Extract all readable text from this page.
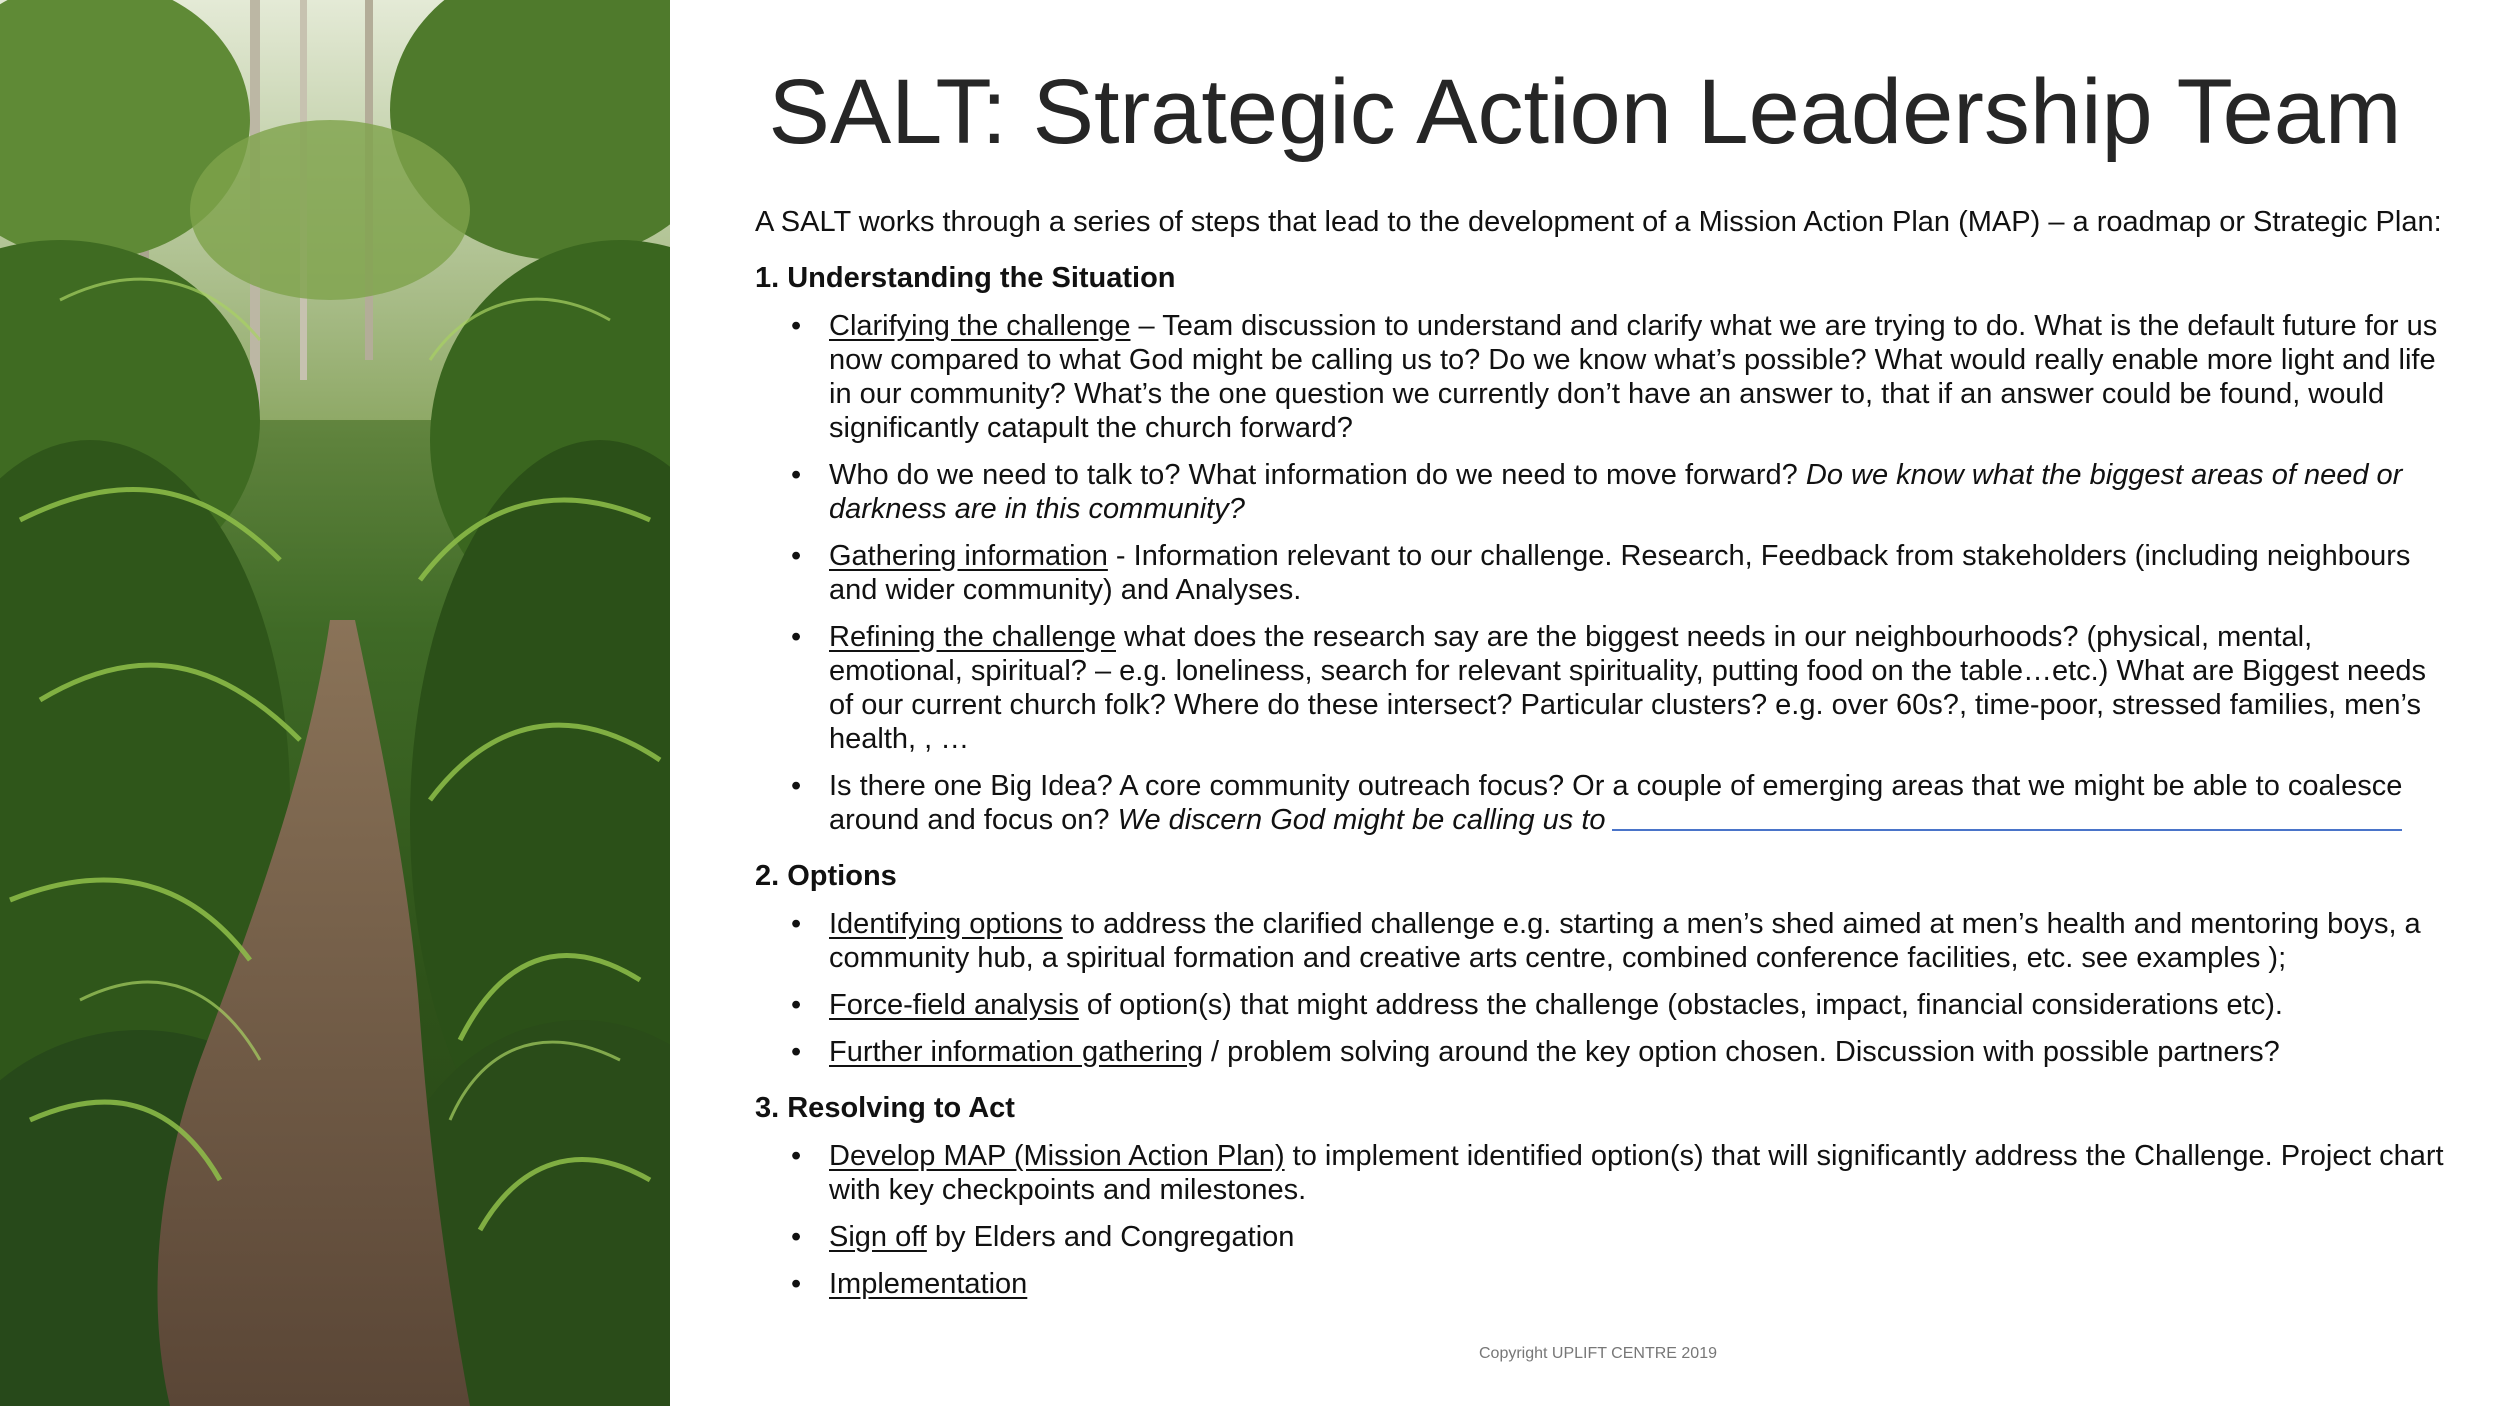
SALT: Strategic Action Leadership Team

A SALT works through a series of steps that lead to the development of a Mission Action Plan (MAP) – a roadmap or Strategic Plan:

1. Understanding the Situation

• Clarifying the challenge – Team discussion to understand and clarify what we are trying to do. What is the default future for us now compared to what God might be calling us to? Do we know what’s possible? What would really enable more light and life in our community? What’s the one question we currently don’t have an answer to, that if an answer could be found, would significantly catapult the church forward?
• Who do we need to talk to? What information do we need to move forward? Do we know what the biggest areas of need or darkness are in this community?
• Gathering information - Information relevant to our challenge. Research, Feedback from stakeholders (including neighbours and wider community) and Analyses.
• Refining the challenge what does the research say are the biggest needs in our neighbourhoods? (physical, mental, emotional, spiritual? – e.g. loneliness, search for relevant spirituality, putting food on the table…etc.) What are Biggest needs of our current church folk? Where do these intersect? Particular clusters? e.g. over 60s?, time-poor, stressed families, men’s health, , …
• Is there one Big Idea? A core community outreach focus? Or a couple of emerging areas that we might be able to coalesce around and focus on? We discern God might be calling us to

2. Options

• Identifying options to address the clarified challenge e.g. starting a men’s shed aimed at men’s health and mentoring boys, a community hub, a spiritual formation and creative arts centre, combined conference facilities, etc. see examples );
• Force-field analysis of option(s) that might address the challenge (obstacles, impact, financial considerations etc).
• Further information gathering / problem solving around the key option chosen. Discussion with possible partners?

3. Resolving to Act

• Develop MAP (Mission Action Plan) to implement identified option(s) that will significantly address the Challenge. Project chart with key checkpoints and milestones.
• Sign off by Elders and Congregation
• Implementation
Copyright UPLIFT CENTRE 2019
